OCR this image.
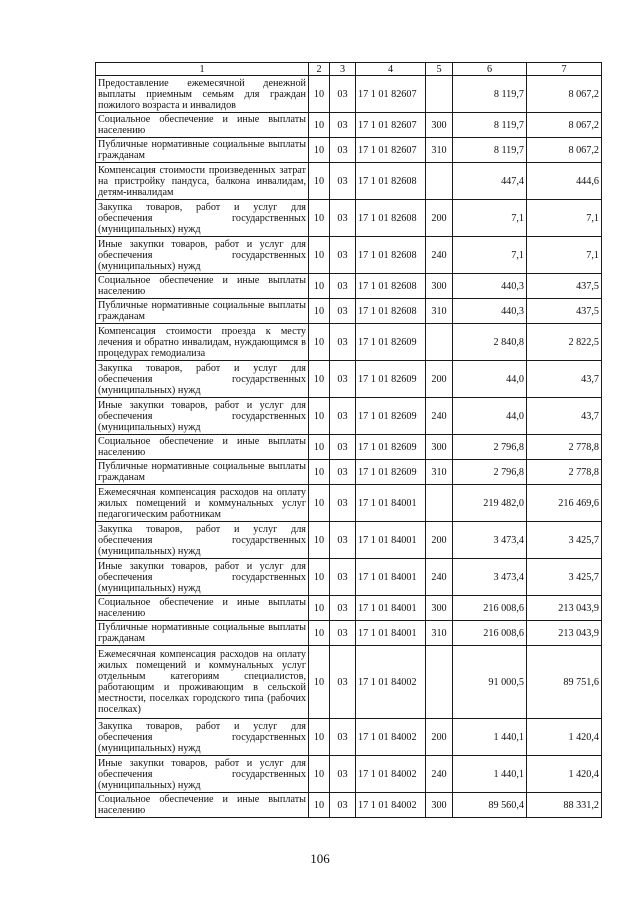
1	2	3	4	5	6	7
Предоставление ежемесячной денежной выплаты приемным семьям для граждан пожилого возраста и инвалидов	10	03	17 1 01 82607		8 119,7	8 067,2
Социальное обеспечение и иные выплаты населению	10	03	17 1 01 82607	300	8 119,7	8 067,2
Публичные нормативные социальные выплаты гражданам	10	03	17 1 01 82607	310	8 119,7	8 067,2
Компенсация стоимости произведенных затрат на пристройку пандуса, балкона инвалидам, детям-инвалидам	10	03	17 1 01 82608		447,4	444,6
Закупка товаров, работ и услуг для обеспечения государственных (муниципальных) нужд	10	03	17 1 01 82608	200	7,1	7,1
Иные закупки товаров, работ и услуг для обеспечения государственных (муниципальных) нужд	10	03	17 1 01 82608	240	7,1	7,1
Социальное обеспечение и иные выплаты населению	10	03	17 1 01 82608	300	440,3	437,5
Публичные нормативные социальные выплаты гражданам	10	03	17 1 01 82608	310	440,3	437,5
Компенсация стоимости проезда к месту лечения и обратно инвалидам, нуждающимся в процедурах гемодиализа	10	03	17 1 01 82609		2 840,8	2 822,5
Закупка товаров, работ и услуг для обеспечения государственных (муниципальных) нужд	10	03	17 1 01 82609	200	44,0	43,7
Иные закупки товаров, работ и услуг для обеспечения государственных (муниципальных) нужд	10	03	17 1 01 82609	240	44,0	43,7
Социальное обеспечение и иные выплаты населению	10	03	17 1 01 82609	300	2 796,8	2 778,8
Публичные нормативные социальные выплаты гражданам	10	03	17 1 01 82609	310	2 796,8	2 778,8
Ежемесячная компенсация расходов на оплату жилых помещений и коммунальных услуг педагогическим работникам	10	03	17 1 01 84001		219 482,0	216 469,6
Закупка товаров, работ и услуг для обеспечения государственных (муниципальных) нужд	10	03	17 1 01 84001	200	3 473,4	3 425,7
Иные закупки товаров, работ и услуг для обеспечения государственных (муниципальных) нужд	10	03	17 1 01 84001	240	3 473,4	3 425,7
Социальное обеспечение и иные выплаты населению	10	03	17 1 01 84001	300	216 008,6	213 043,9
Публичные нормативные социальные выплаты гражданам	10	03	17 1 01 84001	310	216 008,6	213 043,9
Ежемесячная компенсация расходов на оплату жилых помещений и коммунальных услуг отдельным категориям специалистов, работающим и проживающим в сельской местности, поселках городского типа (рабочих поселках)	10	03	17 1 01 84002		91 000,5	89 751,6
Закупка товаров, работ и услуг для обеспечения государственных (муниципальных) нужд	10	03	17 1 01 84002	200	1 440,1	1 420,4
Иные закупки товаров, работ и услуг для обеспечения государственных (муниципальных) нужд	10	03	17 1 01 84002	240	1 440,1	1 420,4
Социальное обеспечение и иные выплаты населению	10	03	17 1 01 84002	300	89 560,4	88 331,2
106
